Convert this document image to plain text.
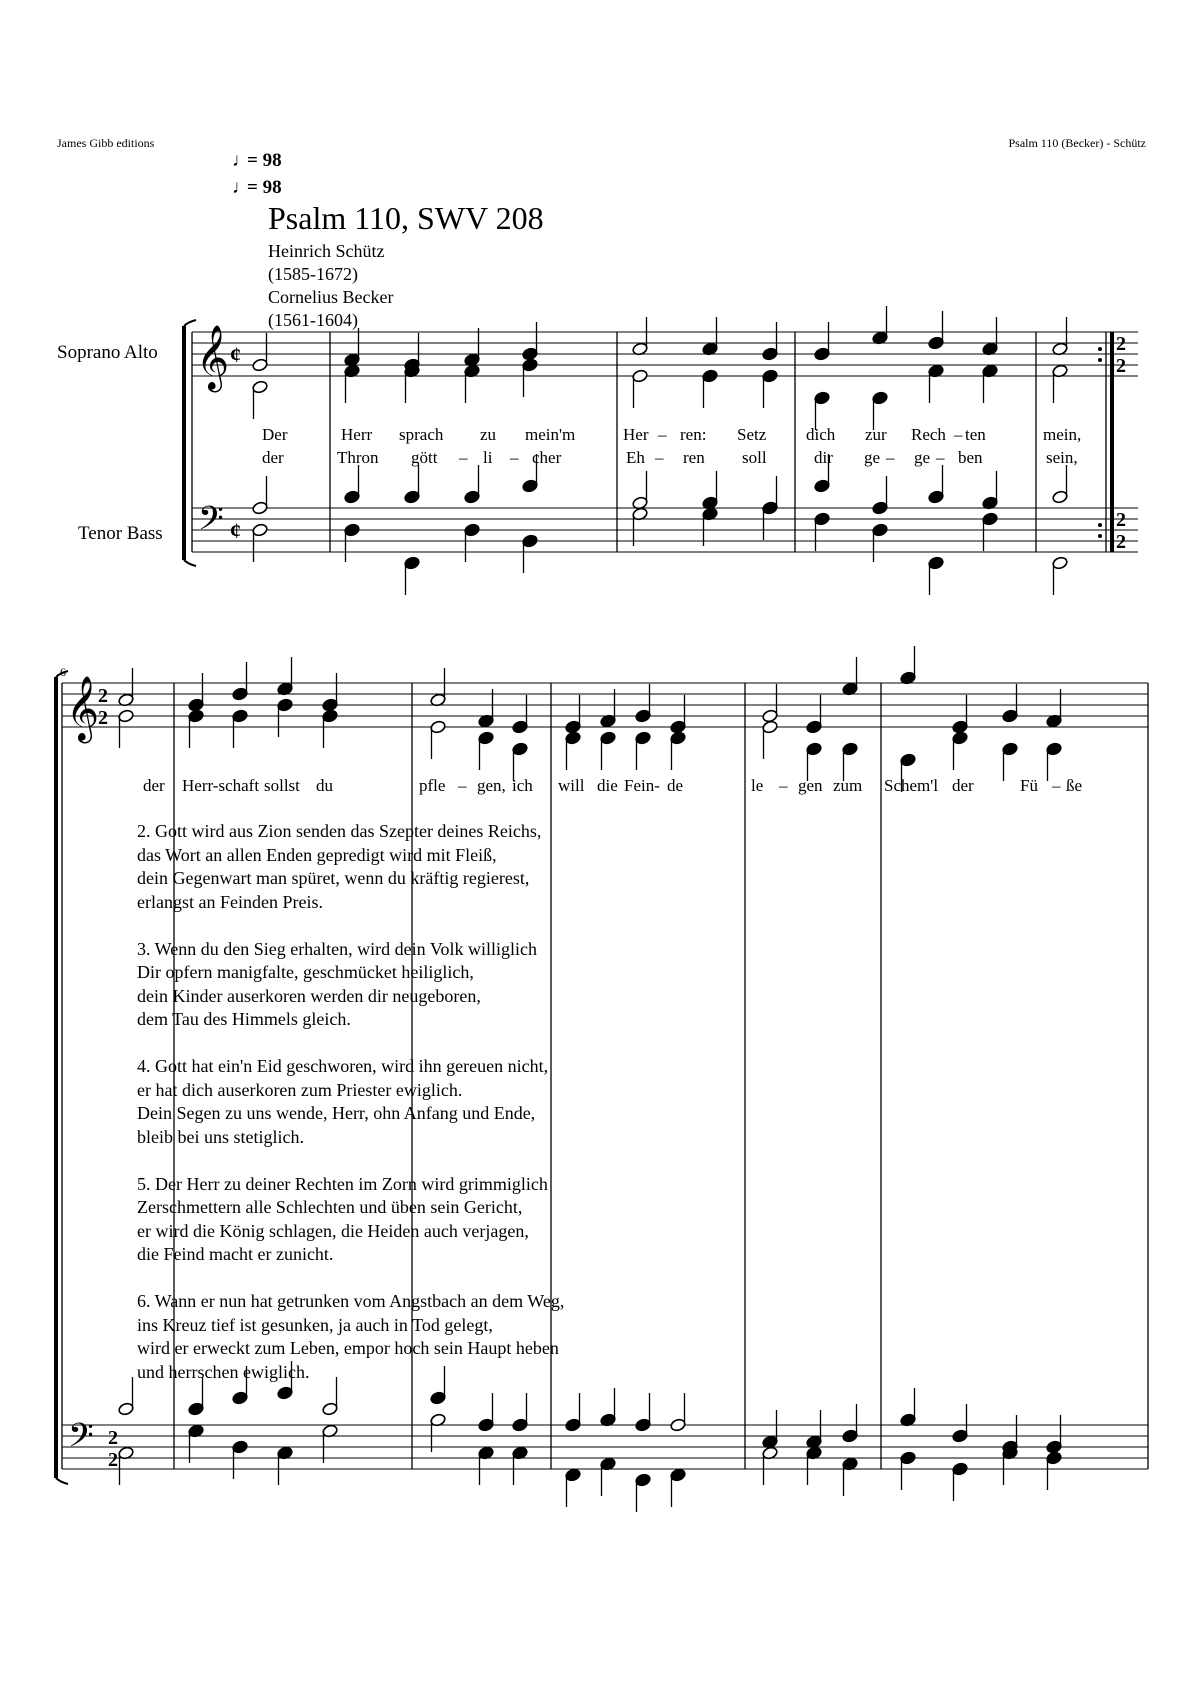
James Gibb editions	Psalm 110 (Becker) - Schütz
♩= 98
♩= 98
Psalm 110, SWV 208
Heinrich Schütz
(1585-1672)
Cornelius Becker
(1561-1604)
Soprano Alto
Tenor Bass
𝄞
𝄢
𝄞
𝄢
¢
¢
2
2
2
2
2
2
2
2
6
Der	Herr sprach zu mein'm	Her – ren: Setz dich zur Rech – ten	mein,
der	Thron gött – li – cher	Eh – ren soll	dir ge – ge – ben	sein,
der Herr-schaft sollst du	pfle – gen, ich will die Fein- de	le – gen zum Schem'l der	Fü – ße
2. Gott wird aus Zion senden das Szepter deines Reichs,
das Wort an allen Enden gepredigt wird mit Fleiß,
dein Gegenwart man spüret, wenn du kräftig regierest,
erlangst an Feinden Preis.
3. Wenn du den Sieg erhalten, wird dein Volk williglich
Dir opfern manigfalte, geschmücket heiliglich,
dein Kinder auserkoren werden dir neugeboren,
dem Tau des Himmels gleich.
4. Gott hat ein'n Eid geschworen, wird ihn gereuen nicht,
er hat dich auserkoren zum Priester ewiglich.
Dein Segen zu uns wende, Herr, ohn Anfang und Ende,
bleib bei uns stetiglich.
5. Der Herr zu deiner Rechten im Zorn wird grimmiglich
Zerschmettern alle Schlechten und üben sein Gericht,
er wird die König schlagen, die Heiden auch verjagen,
die Feind macht er zunicht.
6. Wann er nun hat getrunken vom Angstbach an dem Weg,
ins Kreuz tief ist gesunken, ja auch in Tod gelegt,
wird er erweckt zum Leben, empor hoch sein Haupt heben
und herrschen ewiglich.
